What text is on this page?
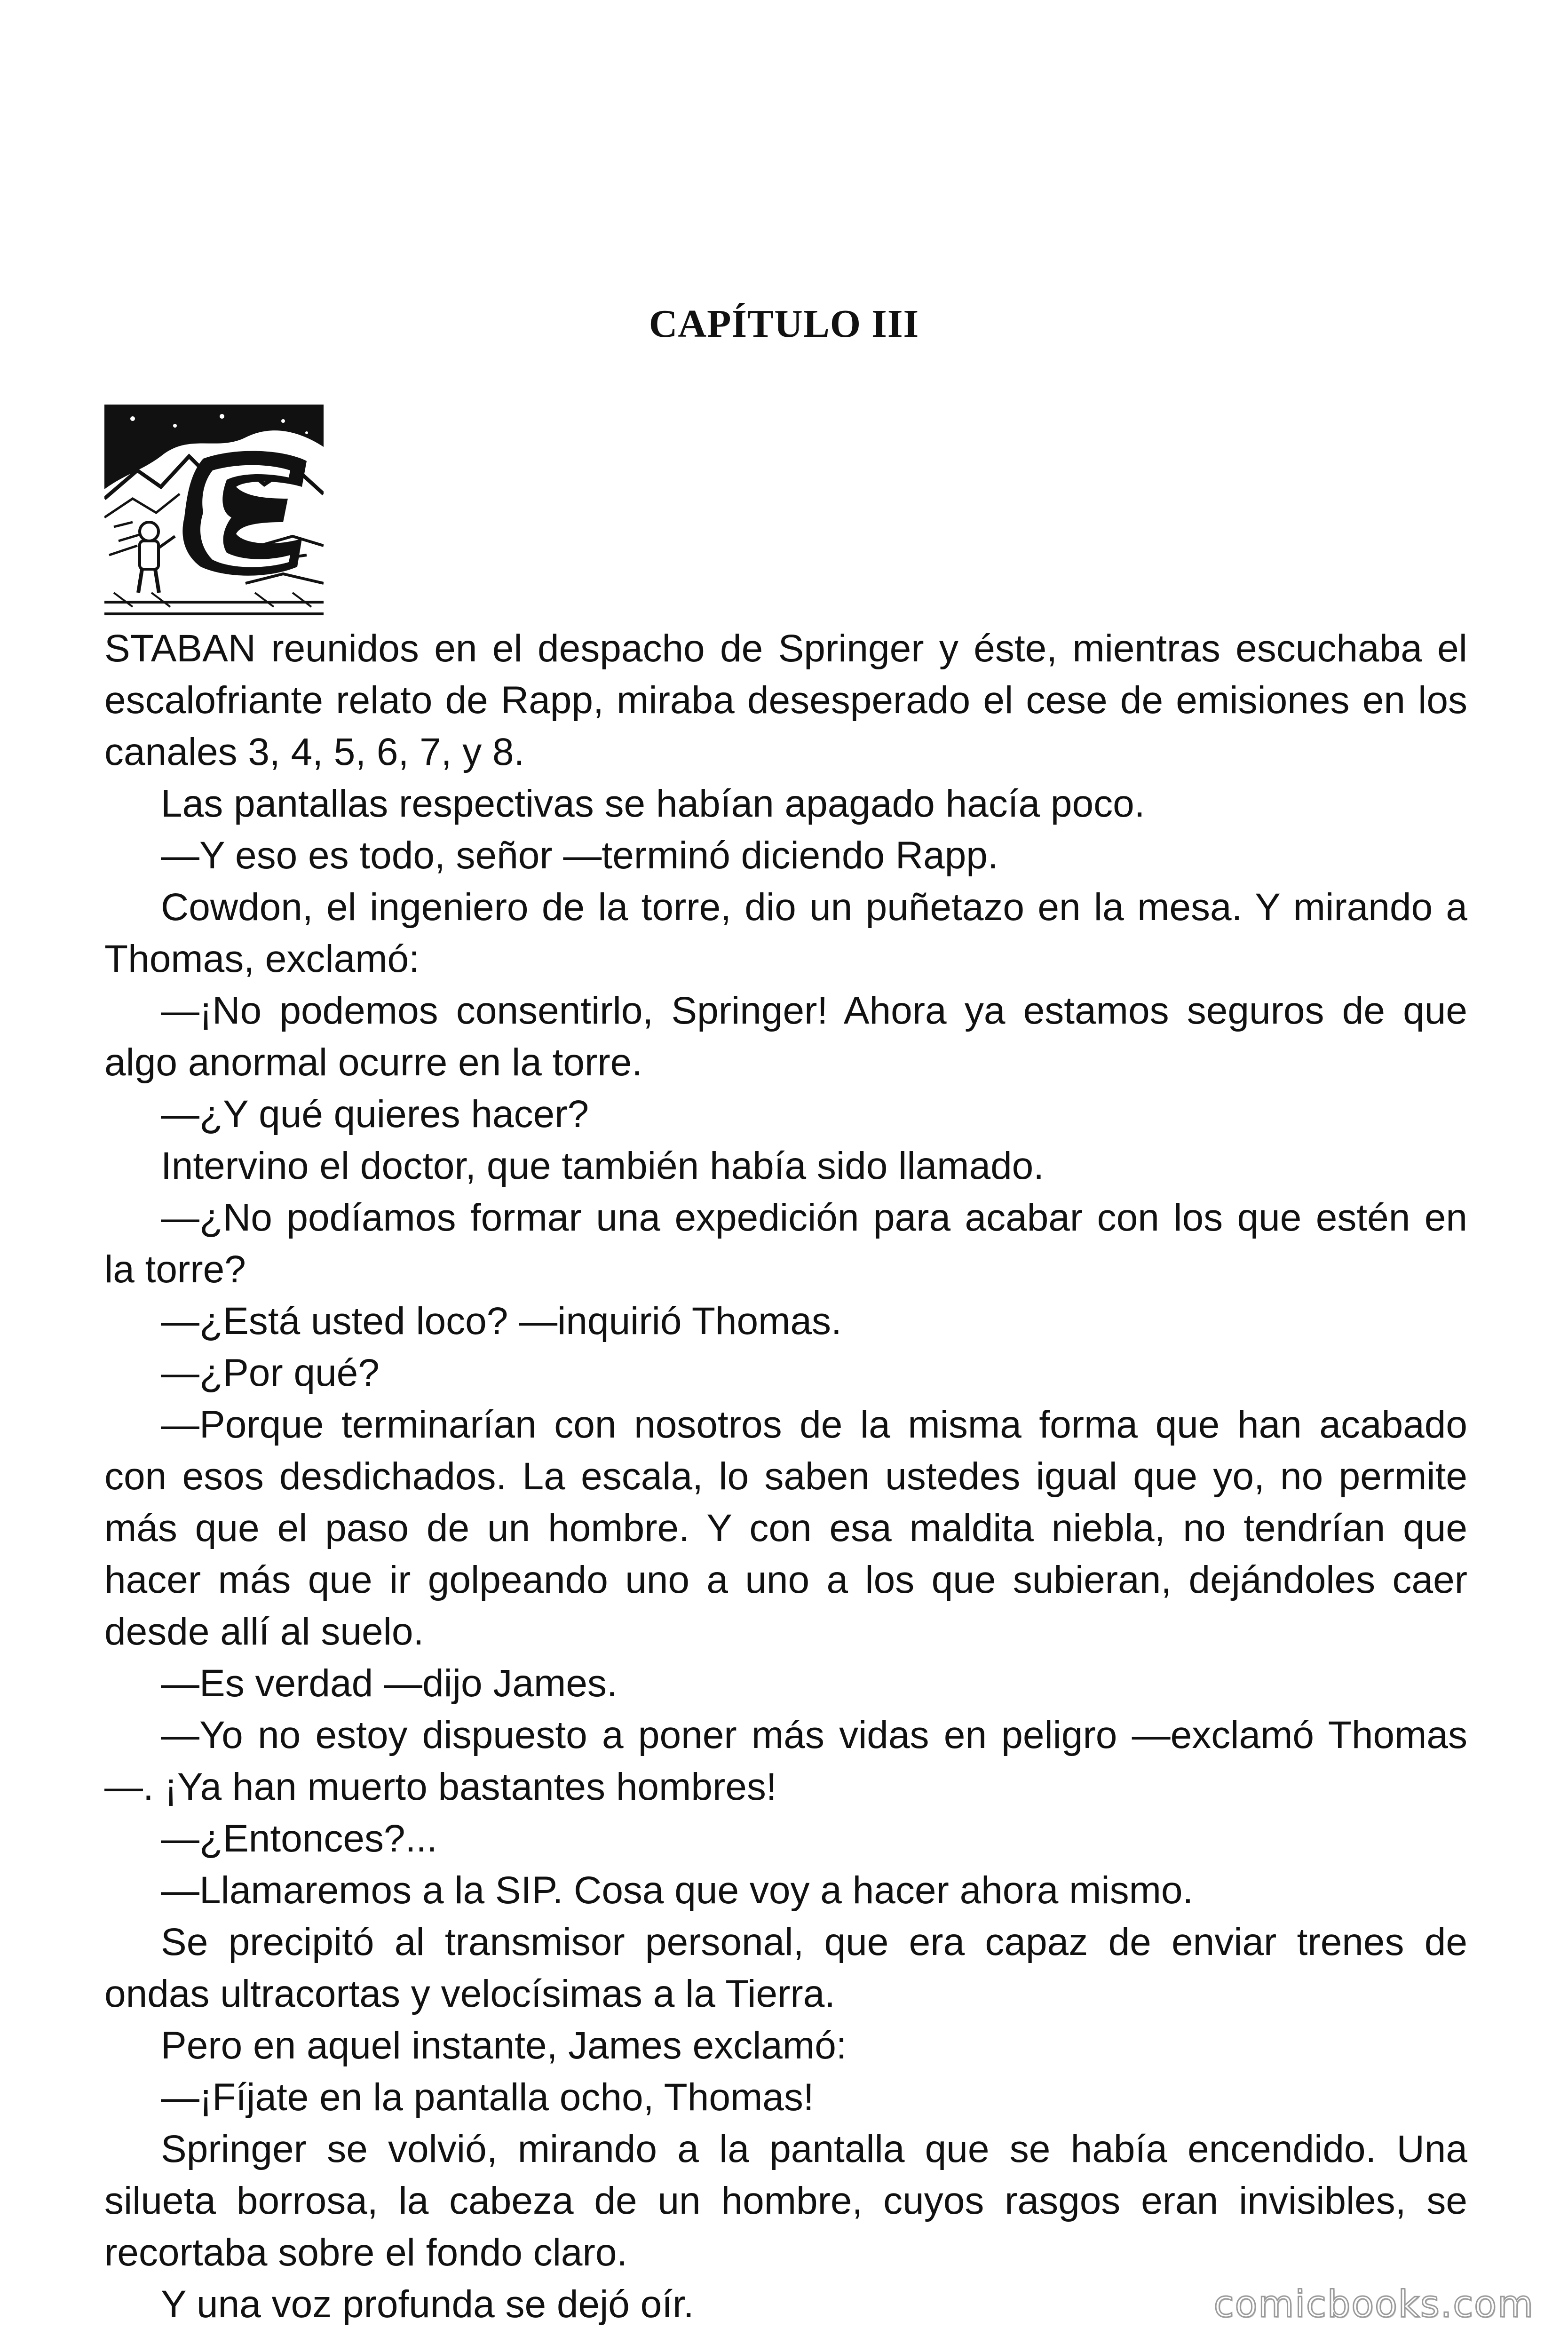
CAPÍTULO III

STABAN reunidos en el despacho de Springer y éste, mientras escuchaba el escalofriante relato de Rapp, miraba desesperado el cese de emisiones en los canales 3, 4, 5, 6, 7, y 8.

Las pantallas respectivas se habían apagado hacía poco.

—Y eso es todo, señor —terminó diciendo Rapp.

Cowdon, el ingeniero de la torre, dio un puñetazo en la mesa. Y mirando a Thomas, exclamó:

—¡No podemos consentirlo, Springer! Ahora ya estamos seguros de que algo anormal ocurre en la torre.

—¿Y qué quieres hacer?

Intervino el doctor, que también había sido llamado.

—¿No podíamos formar una expedición para acabar con los que estén en la torre?

—¿Está usted loco? —inquirió Thomas.

—¿Por qué?

—Porque terminarían con nosotros de la misma forma que han acabado con esos desdichados. La escala, lo saben ustedes igual que yo, no permite más que el paso de un hombre. Y con esa maldita niebla, no tendrían que hacer más que ir golpeando uno a uno a los que subieran, dejándoles caer desde allí al suelo.

—Es verdad —dijo James.

—Yo no estoy dispuesto a poner más vidas en peligro —exclamó Thomas—. ¡Ya han muerto bastantes hombres!

—¿Entonces?...

—Llamaremos a la SIP. Cosa que voy a hacer ahora mismo.

Se precipitó al transmisor personal, que era capaz de enviar trenes de ondas ultracortas y velocísimas a la Tierra.

Pero en aquel instante, James exclamó:

—¡Fíjate en la pantalla ocho, Thomas!

Springer se volvió, mirando a la pantalla que se había encendido. Una silueta borrosa, la cabeza de un hombre, cuyos rasgos eran invisibles, se recortaba sobre el fondo claro.

Y una voz profunda se dejó oír.	comicbooks.com
